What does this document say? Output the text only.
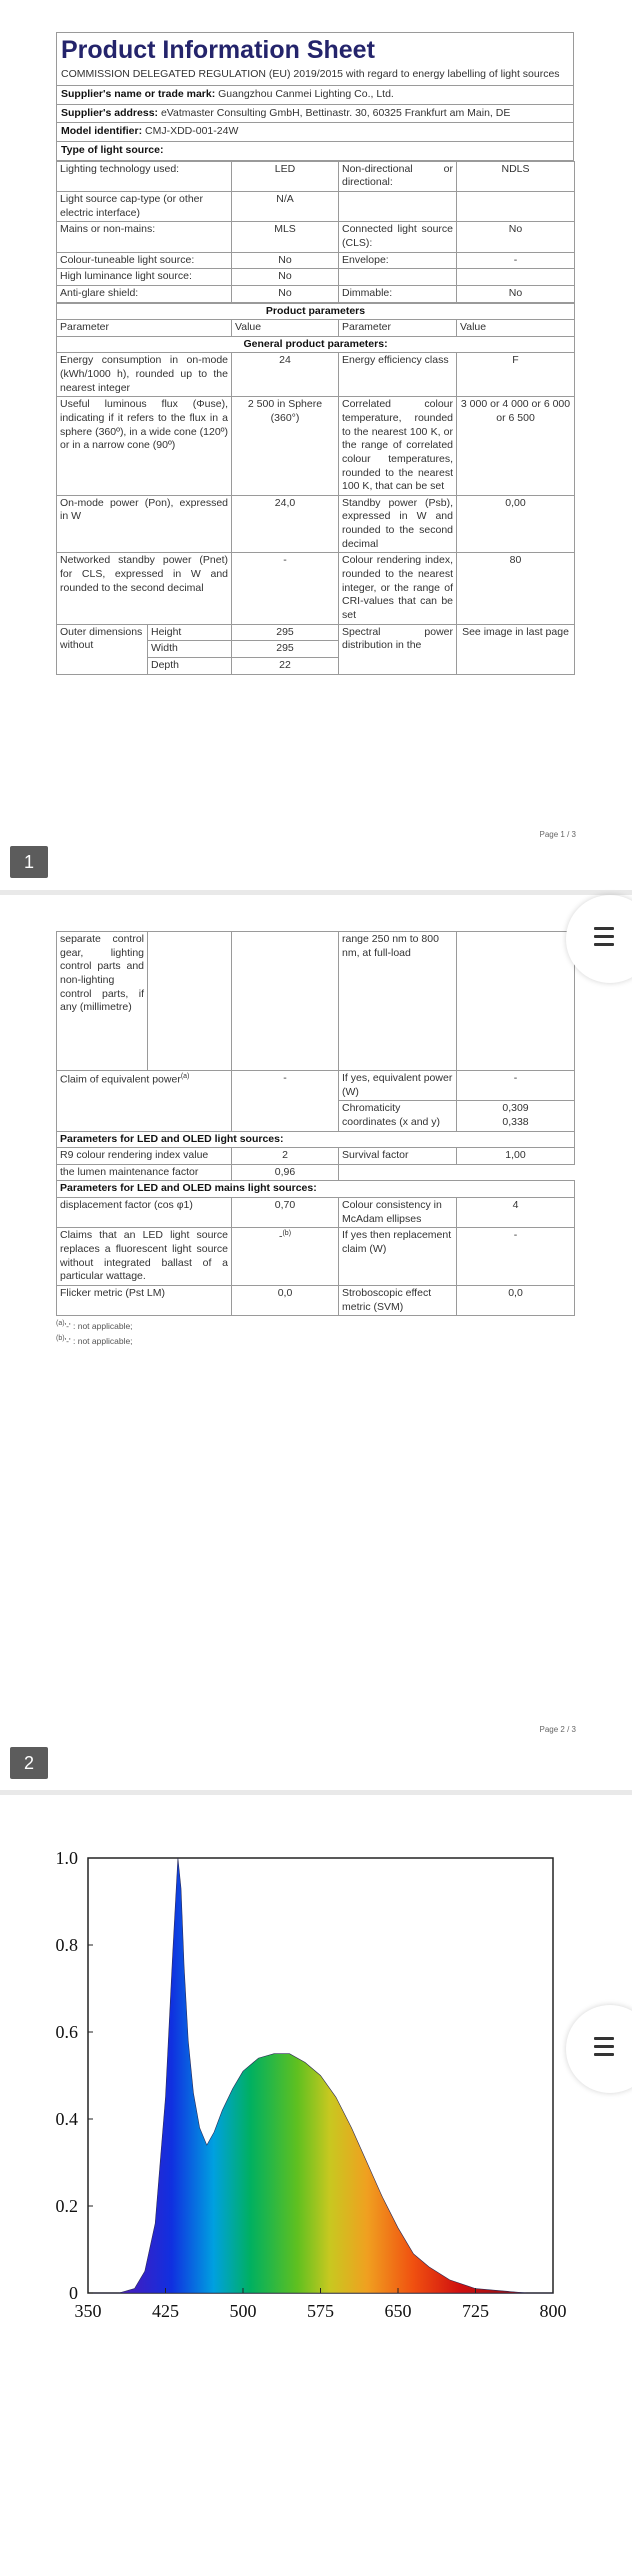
Product Information Sheet
COMMISSION DELEGATED REGULATION (EU) 2019/2015 with regard to energy labelling of light sources
Supplier's name or trade mark: Guangzhou Canmei Lighting Co., Ltd.
Supplier's address: eVatmaster Consulting GmbH, Bettinastr. 30, 60325 Frankfurt am Main, DE
Model identifier: CMJ-XDD-001-24W
Type of light source:
Lighting technology used:	LED	Non-directional or directional:	NDLS
Light source cap-type (or other electric interface)	N/A		
Mains or non-mains:	MLS	Connected light source (CLS):	No
Colour-tuneable light source:	No	Envelope:	-
High luminance light source:	No		
Anti-glare shield:	No	Dimmable:	No
Product parameters				
Parameter		Value	Parameter	Value
General product parameters:				
Energy consumption in on-mode (kWh/1000 h), rounded up to the nearest integer		24	Energy efficiency class	F
Useful luminous flux (Φuse), indicating if it refers to the flux in a sphere (360º), in a wide cone (120º) or in a narrow cone (90º)		2 500 in Sphere (360°)	Correlated colour temperature, rounded to the nearest 100 K, or the range of correlated colour temperatures, rounded to the nearest 100 K, that can be set	3 000 or 4 000 or 6 000 or 6 500
On-mode power (Pon), expressed in W		24,0	Standby power (Psb), expressed in W and rounded to the second decimal	0,00
Networked standby power (Pnet) for CLS, expressed in W and rounded to the second decimal		-	Colour rendering index, rounded to the nearest integer, or the range of CRI-values that can be set	80
Outer dimensions without	Height	295	Spectral power distribution in the	See image in last page
	Width	295		
	Depth	22		
Page 1 / 3
1
separate control gear, lighting control parts and non-lighting control parts, if any (millimetre)			range 250 nm to 800 nm, at full-load	
Claim of equivalent power$^{(a)}$		-	If yes, equivalent power (W)	-
			Chromaticity coordinates (x and y)	0,309
0,338

Parameters for LED and OLED light sources:				
R9 colour rendering index value		2	Survival factor	1,00
the lumen maintenance factor		0,96		
Parameters for LED and OLED mains light sources:				
displacement factor (cos φ1)		0,70	Colour consistency in McAdam ellipses	4
Claims that an LED light source replaces a fluorescent light source without integrated ballast of a particular wattage.		-$^{(b)}$	If yes then replacement claim (W)	-
Flicker metric (Pst LM)		0,0	Stroboscopic effect metric (SVM)	0,0
$^{(a)}$'-' : not applicable;
$^{(b)}$'-' : not applicable;
Page 2 / 3
2
0
0.2
0.4
0.6
0.8
1.0
350	425	500	575	650	725	800
